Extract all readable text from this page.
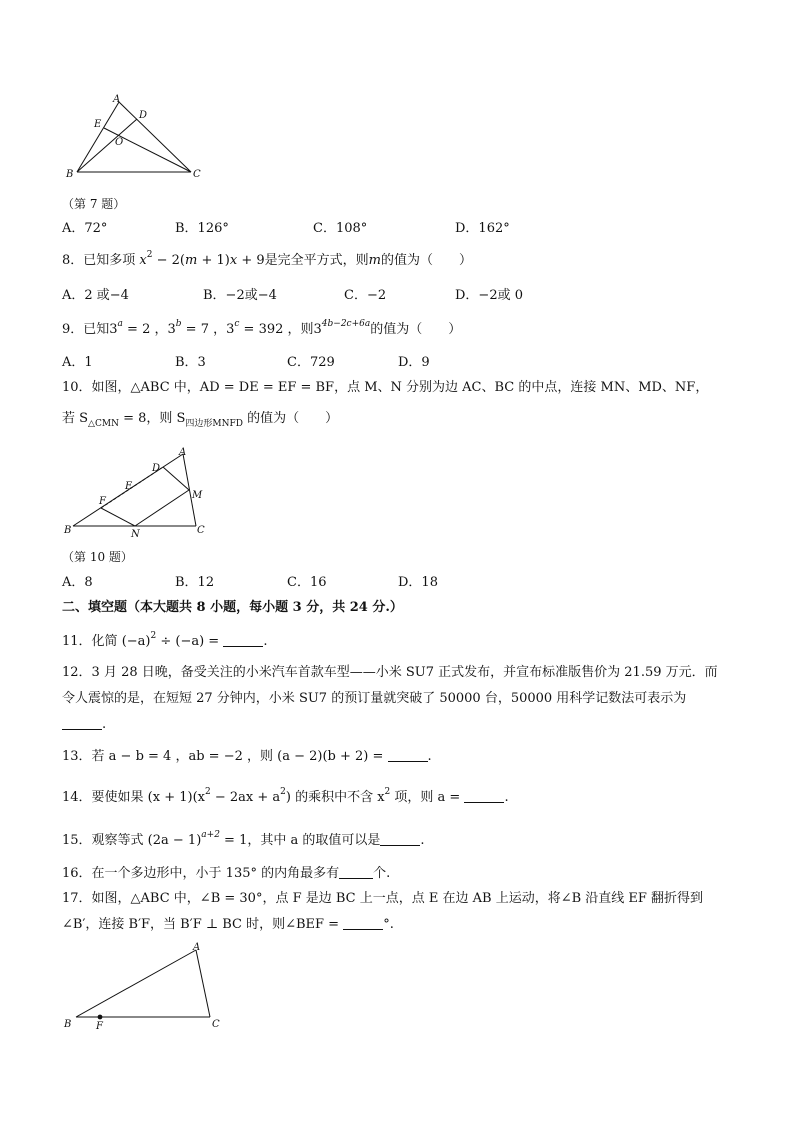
A
D
E
O
B	C
（第 7 题）
A．72°	B．126°	C．108°	D．162°
8．已知多项 $x^2 - 2(m + 1)x + 9$是完全平方式，则m的值为（　　）
A．2 或−4	B．−2或−4	C．−2	D．−2或 0
9．已知$3^a = 2$ ，$3^b = 7$ ，$3^c = 392$ ，则$3^{4b-2c+6a}$的值为（　　）
A．1	B．3	C．729	D．9
10．如图，△ABC 中，AD = DE = EF = BF，点 M、N 分别为边 AC、BC 的中点，连接 MN、MD、NF，
若 $S_{\triangle CMN} = 8$，则 $S_{四边形MNFD}$ 的值为（　　）
A
D
M
E
F
B	N	C
（第 10 题）
A．8	B．12	C．16	D．18
二、填空题（本大题共 8 小题，每小题 3 分，共 24 分.）
11．化简 $(-a)^2 \div (-a)$ =	.
12．3 月 28 日晚，备受关注的小米汽车首款车型——小米 SU7 正式发布，并宣布标准版售价为 21.59 万元．而
令人震惊的是，在短短 27 分钟内，小米 SU7 的预订量就突破了 50000 台，50000 用科学记数法可表示为
.
13．若 a − b = 4 ，ab = −2 ，则 (a − 2)(b + 2) =	.
14．要使如果 $(x + 1)(x^2 - 2ax + a^2)$ 的乘积中不含 $x^2$ 项，则 a =	.
15．观察等式 $(2a - 1)^{a+2} = 1$，其中 a 的取值可以是	.
16．在一个多边形中，小于 135° 的内角最多有	个.
17．如图，△ABC 中，∠B = 30°，点 F 是边 BC 上一点，点 E 在边 AB 上运动，将∠B 沿直线 EF 翻折得到
∠B′，连接 B′F，当 B′F ⊥ BC 时，则∠BEF =	°.
A
B F	C
